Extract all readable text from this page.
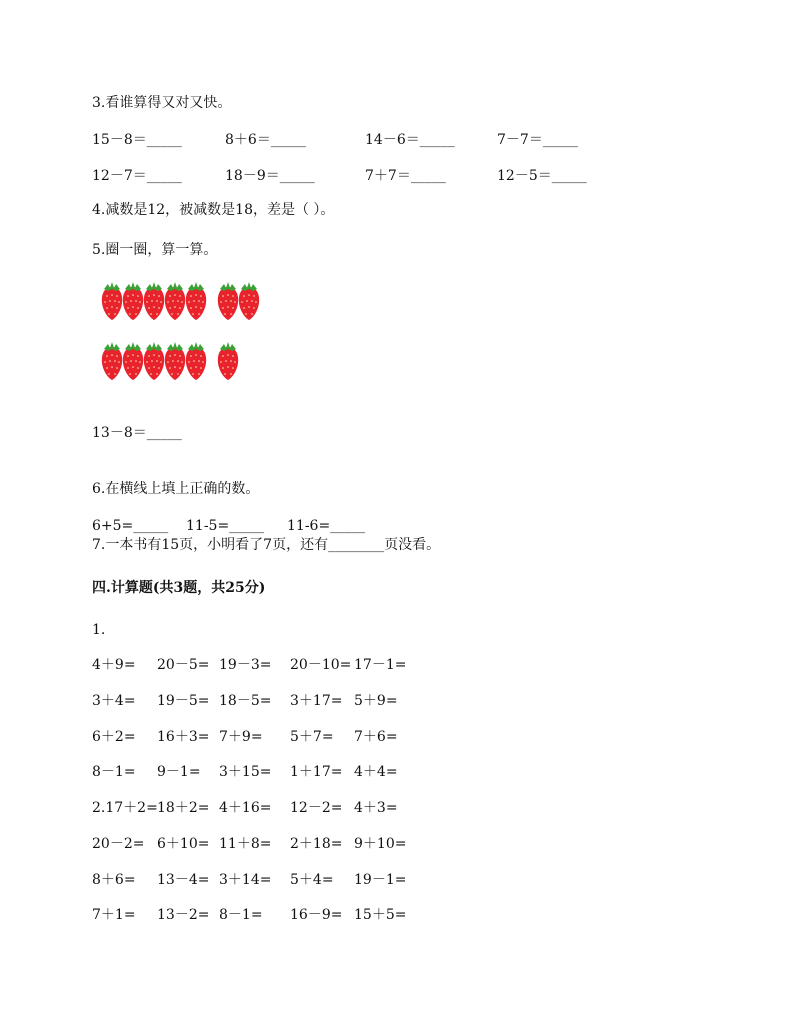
3.看谁算得又对又快。
15－8＝_____	8＋6＝_____	14－6＝_____	7－7＝_____
12－7＝_____	18－9＝_____	7＋7＝_____	12－5＝_____
4.减数是12，被减数是18，差是（ ）。
5.圈一圈，算一算。
13－8＝_____
6.在横线上填上正确的数。
6+5=_____ 11-5=_____ 11-6=_____
7.一本书有15页，小明看了7页，还有________页没看。
四.计算题(共3题，共25分)
1.
4＋9= 20－5= 19－3= 20－10= 17－1=
3＋4= 19－5= 18－5= 3＋17= 5＋9=
6＋2= 16＋3= 7＋9= 5＋7= 7＋6=
8－1= 9－1= 3＋15= 1＋17= 4＋4=
2.17＋2= 18＋2= 4＋16= 12－2= 4＋3=
20－2= 6＋10= 11＋8= 2＋18= 9＋10=
8＋6= 13－4= 3＋14= 5＋4= 19－1=
7＋1= 13－2= 8－1= 16－9= 15＋5=
